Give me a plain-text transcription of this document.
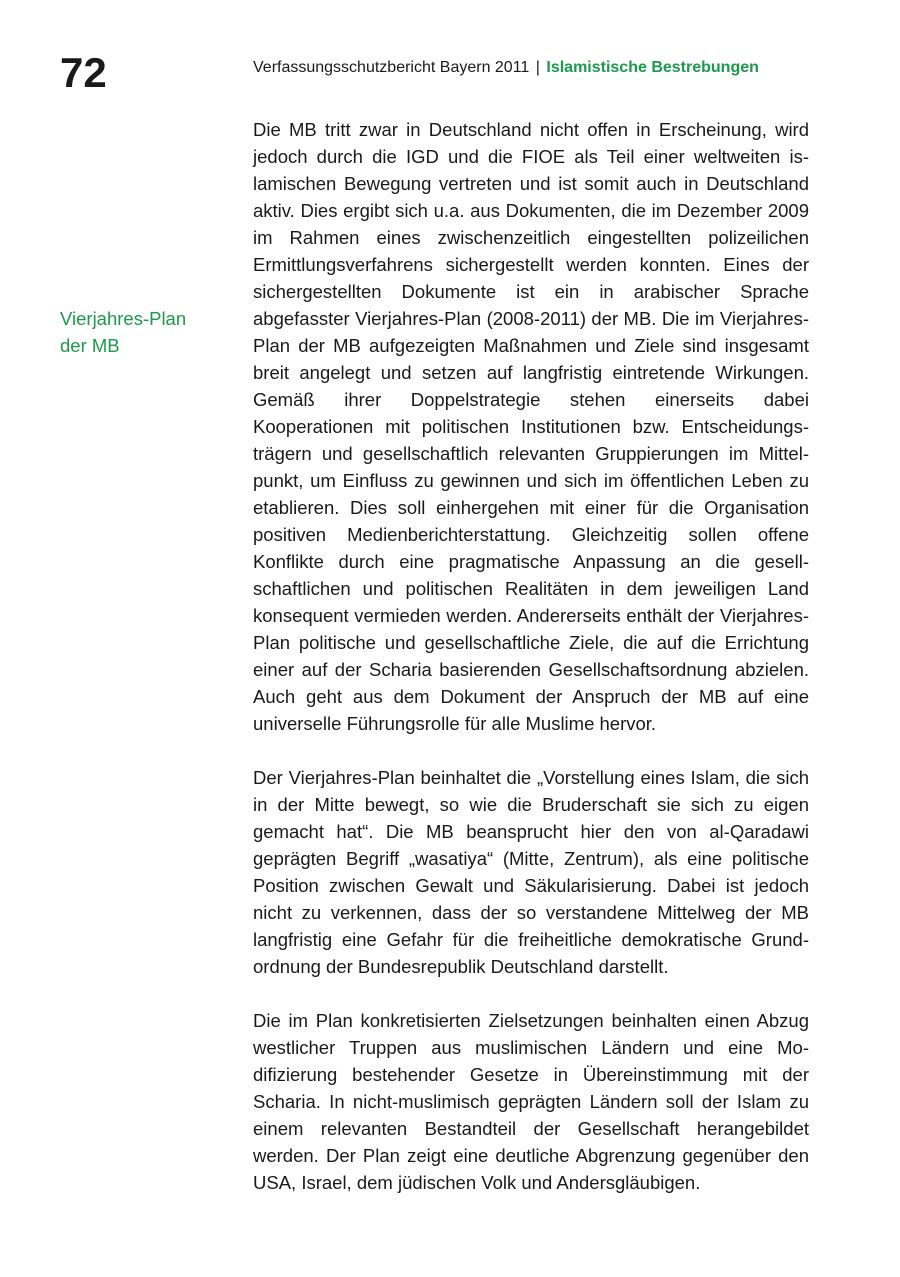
72	Verfassungsschutzbericht Bayern 2011 | Islamistische Bestrebungen
Vierjahres-Plan
der MB

Die MB tritt zwar in Deutschland nicht offen in Erscheinung, wird jedoch durch die IGD und die FIOE als Teil einer weltweiten islamischen Bewegung vertreten und ist somit auch in Deutschland aktiv. Dies ergibt sich u.a. aus Dokumenten, die im Dezember 2009 im Rahmen eines zwischenzeitlich eingestellten polizeilichen Ermittlungsverfahrens sichergestellt werden konnten. Eines der sichergestellten Dokumente ist ein in arabischer Sprache abgefasster Vierjahres-Plan (2008-2011) der MB. Die im Vierjahres-Plan der MB aufgezeigten Maßnahmen und Ziele sind insgesamt breit angelegt und setzen auf langfristig eintretende Wirkungen. Gemäß ihrer Doppelstrategie stehen einerseits dabei Kooperationen mit politischen Institutionen bzw. Entscheidungsträgern und gesellschaftlich relevanten Gruppierungen im Mittelpunkt, um Einfluss zu gewinnen und sich im öffentlichen Leben zu etablieren. Dies soll einhergehen mit einer für die Organisation positiven Medienberichterstattung. Gleichzeitig sollen offene Konflikte durch eine pragmatische Anpassung an die gesellschaftlichen und politischen Realitäten in dem jeweiligen Land konsequent vermieden werden. Andererseits enthält der Vierjahres-Plan politische und gesellschaftliche Ziele, die auf die Errichtung einer auf der Scharia basierenden Gesellschaftsordnung abzielen. Auch geht aus dem Dokument der Anspruch der MB auf eine universelle Führungsrolle für alle Muslime hervor.

Der Vierjahres-Plan beinhaltet die „Vorstellung eines Islam, die sich in der Mitte bewegt, so wie die Bruderschaft sie sich zu eigen gemacht hat“. Die MB beansprucht hier den von al-Qaradawi geprägten Begriff „wasatiya“ (Mitte, Zentrum), als eine politische Position zwischen Gewalt und Säkularisierung. Dabei ist jedoch nicht zu verkennen, dass der so verstandene Mittelweg der MB langfristig eine Gefahr für die freiheitliche demokratische Grundordnung der Bundesrepublik Deutschland darstellt.

Die im Plan konkretisierten Zielsetzungen beinhalten einen Abzug westlicher Truppen aus muslimischen Ländern und eine Modifizierung bestehender Gesetze in Übereinstimmung mit der Scharia. In nicht-muslimisch geprägten Ländern soll der Islam zu einem relevanten Bestandteil der Gesellschaft herangebildet werden. Der Plan zeigt eine deutliche Abgrenzung gegenüber den USA, Israel, dem jüdischen Volk und Andersgläubigen.
